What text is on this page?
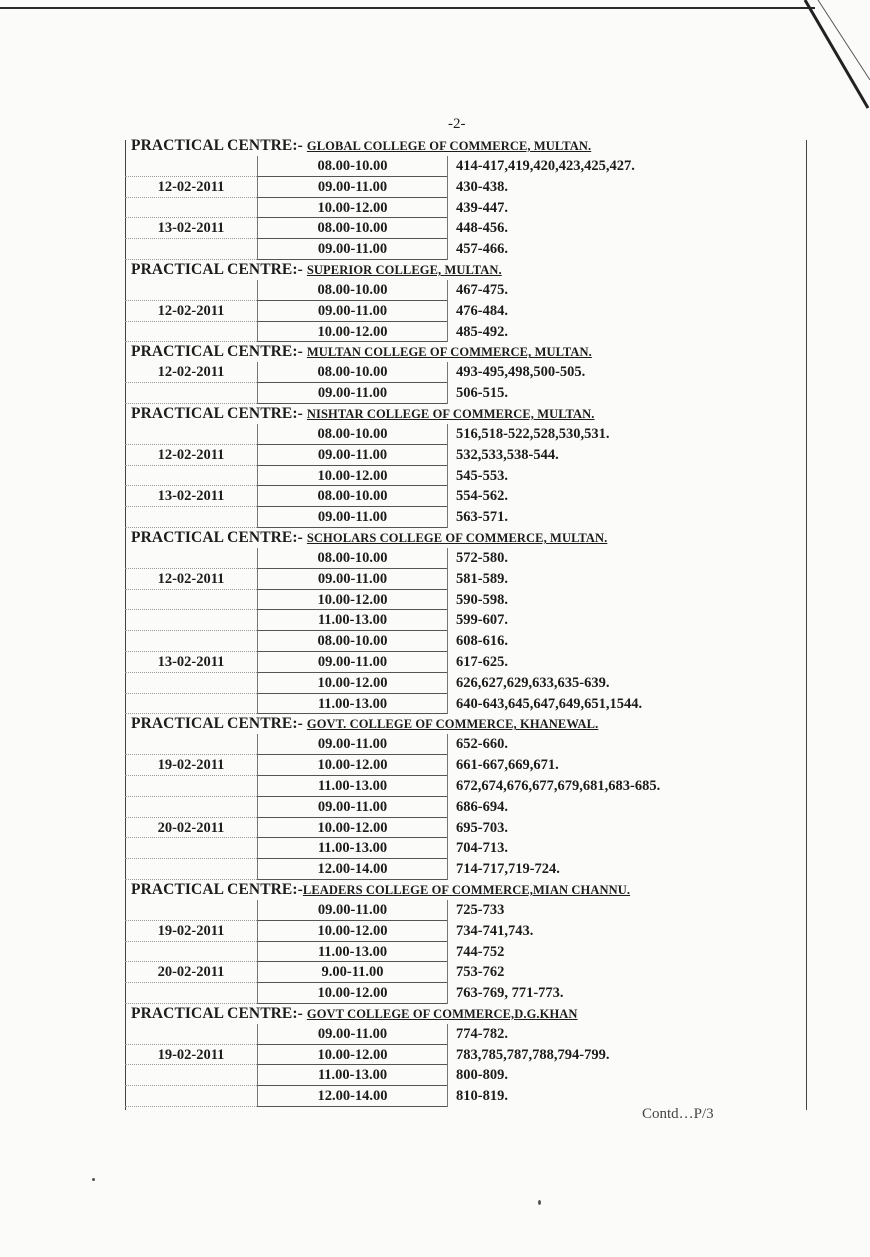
-2-
PRACTICAL CENTRE:- GLOBAL COLLEGE OF COMMERCE, MULTAN.
08.00-10.00	414-417,419,420,423,425,427.
12-02-2011	09.00-11.00	430-438.
10.00-12.00	439-447.
13-02-2011	08.00-10.00	448-456.
09.00-11.00	457-466.
PRACTICAL CENTRE:- SUPERIOR COLLEGE, MULTAN.
08.00-10.00	467-475.
12-02-2011	09.00-11.00	476-484.
10.00-12.00	485-492.
PRACTICAL CENTRE:- MULTAN COLLEGE OF COMMERCE, MULTAN.
12-02-2011	08.00-10.00	493-495,498,500-505.
09.00-11.00	506-515.
PRACTICAL CENTRE:- NISHTAR COLLEGE OF COMMERCE, MULTAN.
08.00-10.00	516,518-522,528,530,531.
12-02-2011	09.00-11.00	532,533,538-544.
10.00-12.00	545-553.
13-02-2011	08.00-10.00	554-562.
09.00-11.00	563-571.
PRACTICAL CENTRE:- SCHOLARS COLLEGE OF COMMERCE, MULTAN.
08.00-10.00	572-580.
12-02-2011	09.00-11.00	581-589.
10.00-12.00	590-598.
11.00-13.00	599-607.
08.00-10.00	608-616.
13-02-2011	09.00-11.00	617-625.
10.00-12.00	626,627,629,633,635-639.
11.00-13.00	640-643,645,647,649,651,1544.
PRACTICAL CENTRE:- GOVT. COLLEGE OF COMMERCE, KHANEWAL.
09.00-11.00	652-660.
19-02-2011	10.00-12.00	661-667,669,671.
11.00-13.00	672,674,676,677,679,681,683-685.
09.00-11.00	686-694.
20-02-2011	10.00-12.00	695-703.
11.00-13.00	704-713.
12.00-14.00	714-717,719-724.
PRACTICAL CENTRE:-LEADERS COLLEGE OF COMMERCE,MIAN CHANNU.
09.00-11.00	725-733
19-02-2011	10.00-12.00	734-741,743.
11.00-13.00	744-752
20-02-2011	9.00-11.00	753-762
10.00-12.00	763-769, 771-773.
PRACTICAL CENTRE:- GOVT COLLEGE OF COMMERCE,D.G.KHAN
09.00-11.00	774-782.
19-02-2011	10.00-12.00	783,785,787,788,794-799.
11.00-13.00	800-809.
12.00-14.00	810-819.
Contd…P/3
